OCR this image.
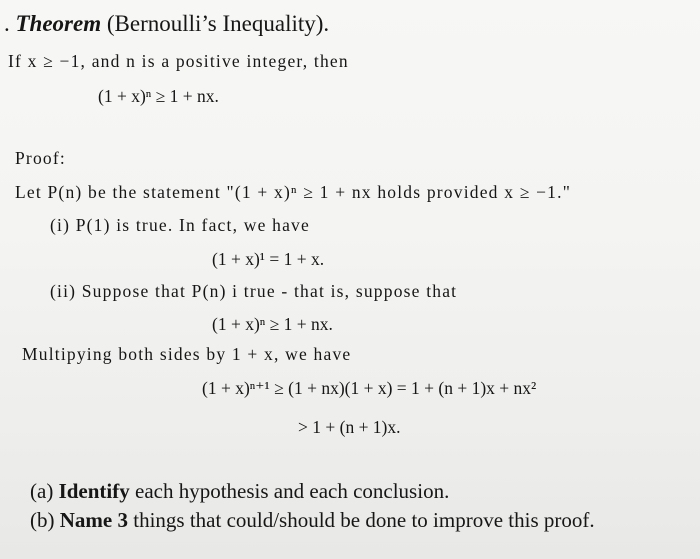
. Theorem (Bernoulli’s Inequality).
If x ≥ −1, and n is a positive integer, then
(1 + x)ⁿ ≥ 1 + nx.
Proof:
Let P(n) be the statement "(1 + x)ⁿ ≥ 1 + nx holds provided x ≥ −1."
(i) P(1) is true. In fact, we have
(1 + x)¹ = 1 + x.
(ii) Suppose that P(n) i true - that is, suppose that
(1 + x)ⁿ ≥ 1 + nx.
Multipying both sides by 1 + x, we have
(1 + x)ⁿ⁺¹ ≥ (1 + nx)(1 + x) = 1 + (n + 1)x + nx²
> 1 + (n + 1)x.
(a) Identify each hypothesis and each conclusion.
(b) Name 3 things that could/should be done to improve this proof.
